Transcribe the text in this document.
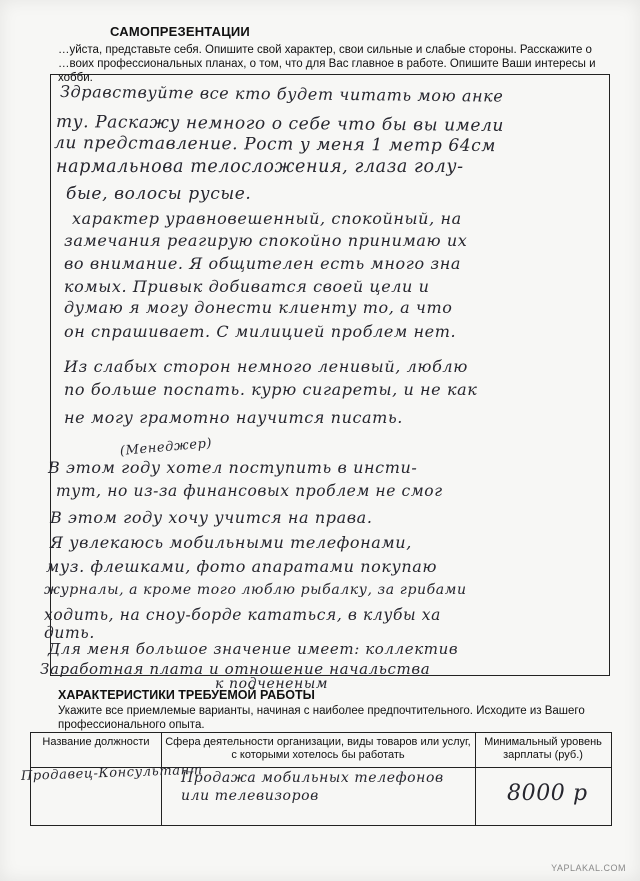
САМОПРЕЗЕНТАЦИИ
…уйста, представьте себя. Опишите свой характер, свои сильные и слабые стороны. Расскажите о
…воих профессиональных планах, о том, что для Вас главное в работе. Опишите Ваши интересы и хобби.
Здравствуйте все кто будет читать мою анке
ту. Раскажу немного о себе что бы вы имели
ли представление. Рост у меня 1 метр 64см
нармальнова телосложения, глаза голу-
бые, волосы русые.
характер уравновешенный, спокойный, на
замечания реагирую спокойно принимаю их
во внимание. Я общителен есть много зна
комых. Привык добиватся своей цели и
думаю я могу донести клиенту то, а что
он спрашивает. С милицией проблем нет.
Из слабых сторон немного ленивый, люблю
по больше поспать. курю сигареты, и не как
не могу грамотно научится писать.
(Менеджер)
В этом году хотел поступить в инсти-
тут, но из-за финансовых проблем не смог
В этом году хочу учится на права.
Я увлекаюсь мобильными телефонами,
муз. флешками, фото апаратами покупаю
журналы, а кроме того люблю рыбалку, за грибами
ходить, на сноу-борде кататься, в клубы ха
дить.
Для меня большое значение имеет: коллектив
Заработная плата и отношение начальства
к подчененым
ХАРАКТЕРИСТИКИ ТРЕБУЕМОЙ РАБОТЫ
Укажите все приемлемые варианты, начиная с наиболее предпочтительного. Исходите из Вашего
профессионального опыта.
Название должности	Сфера деятельности организации, виды товаров или услуг, с которыми хотелось бы работать
Минимальный уровень зарплаты (руб.)
Продавец-Консультант
Продажа мобильных телефонов или телевизоров	8000 р
YAPLAKAL.COM
